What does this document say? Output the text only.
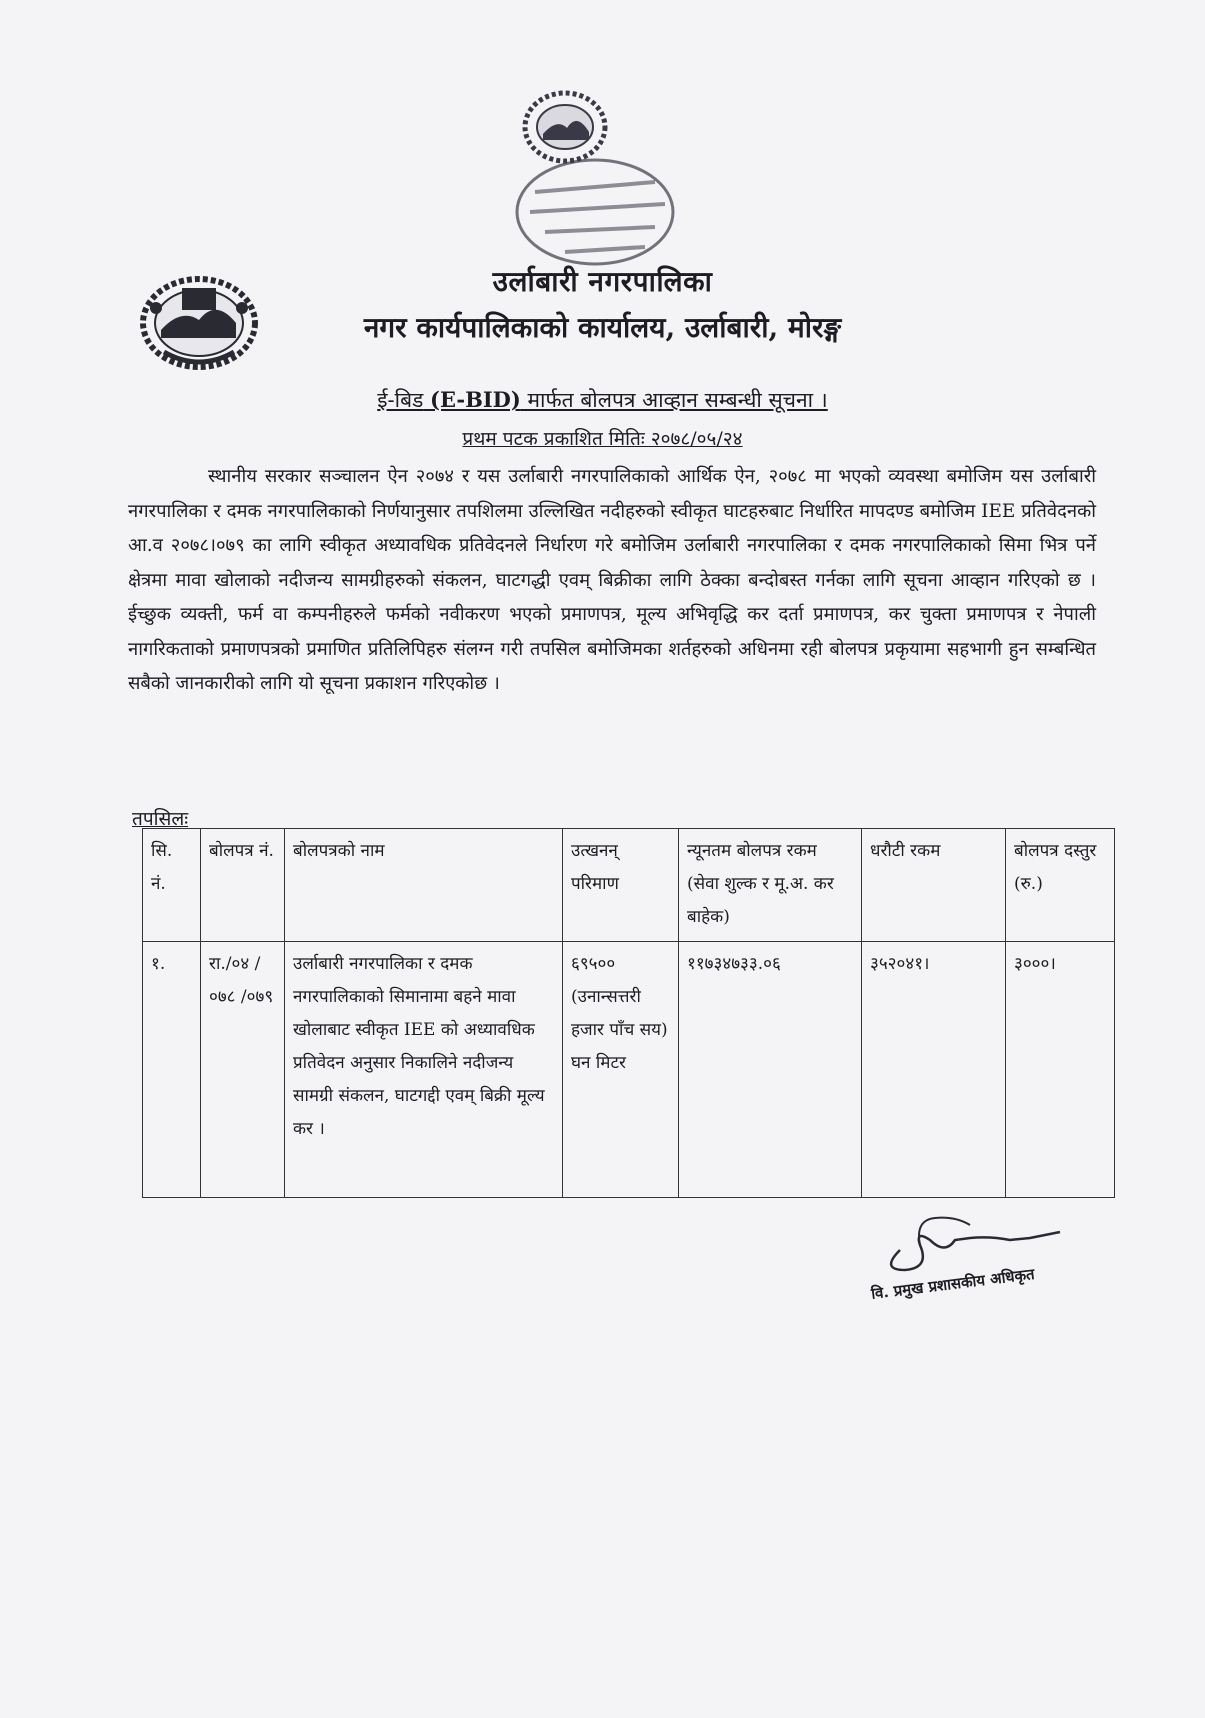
उर्लाबारी नगरपालिका
नगर कार्यपालिकाको कार्यालय, उर्लाबारी, मोरङ्ग
ई-बिड (E-BID) मार्फत बोलपत्र आव्हान सम्बन्धी सूचना ।
प्रथम पटक प्रकाशित मितिः २०७८/०५/२४
स्थानीय सरकार सञ्चालन ऐन २०७४ र यस उर्लाबारी नगरपालिकाको आर्थिक ऐन, २०७८ मा भएको व्यवस्था बमोजिम यस उर्लाबारी नगरपालिका र दमक नगरपालिकाको निर्णयानुसार तपशिलमा उल्लिखित नदीहरुको स्वीकृत घाटहरुबाट निर्धारित मापदण्ड बमोजिम IEE प्रतिवेदनको आ.व २०७८।०७९ का लागि स्वीकृत अध्यावधिक प्रतिवेदनले निर्धारण गरे बमोजिम उर्लाबारी नगरपालिका र दमक नगरपालिकाको सिमा भित्र पर्ने क्षेत्रमा मावा खोलाको नदीजन्य सामग्रीहरुको संकलन, घाटगद्धी एवम् बिक्रीका लागि ठेक्का बन्दोबस्त गर्नका लागि सूचना आव्हान गरिएको छ । ईच्छुक व्यक्ती, फर्म वा कम्पनीहरुले फर्मको नवीकरण भएको प्रमाणपत्र, मूल्य अभिवृद्धि कर दर्ता प्रमाणपत्र, कर चुक्ता प्रमाणपत्र र नेपाली नागरिकताको प्रमाणपत्रको प्रमाणित प्रतिलिपिहरु संलग्न गरी तपसिल बमोजिमका शर्तहरुको अधिनमा रही बोलपत्र प्रकृयामा सहभागी हुन सम्बन्धित सबैको जानकारीको लागि यो सूचना प्रकाशन गरिएकोछ ।
तपसिलः
सि. नं.	बोलपत्र नं.	बोलपत्रको नाम	उत्खनन् परिमाण	न्यूनतम बोलपत्र रकम (सेवा शुल्क र मू.अ. कर बाहेक)	धरौटी रकम	बोलपत्र दस्तुर (रु.)
१.	रा./०४ /०७८ /०७९	उर्लाबारी नगरपालिका र दमक नगरपालिकाको सिमानामा बहने मावा खोलाबाट स्वीकृत IEE को अध्यावधिक प्रतिवेदन अनुसार निकालिने नदीजन्य सामग्री संकलन, घाटगद्दी एवम् बिक्री मूल्य कर ।	६९५०० (उनान्सत्तरी हजार पाँच सय) घन मिटर	११७३४७३३.०६	३५२०४१।	३०००।
वि. प्रमुख प्रशासकीय अधिकृत
